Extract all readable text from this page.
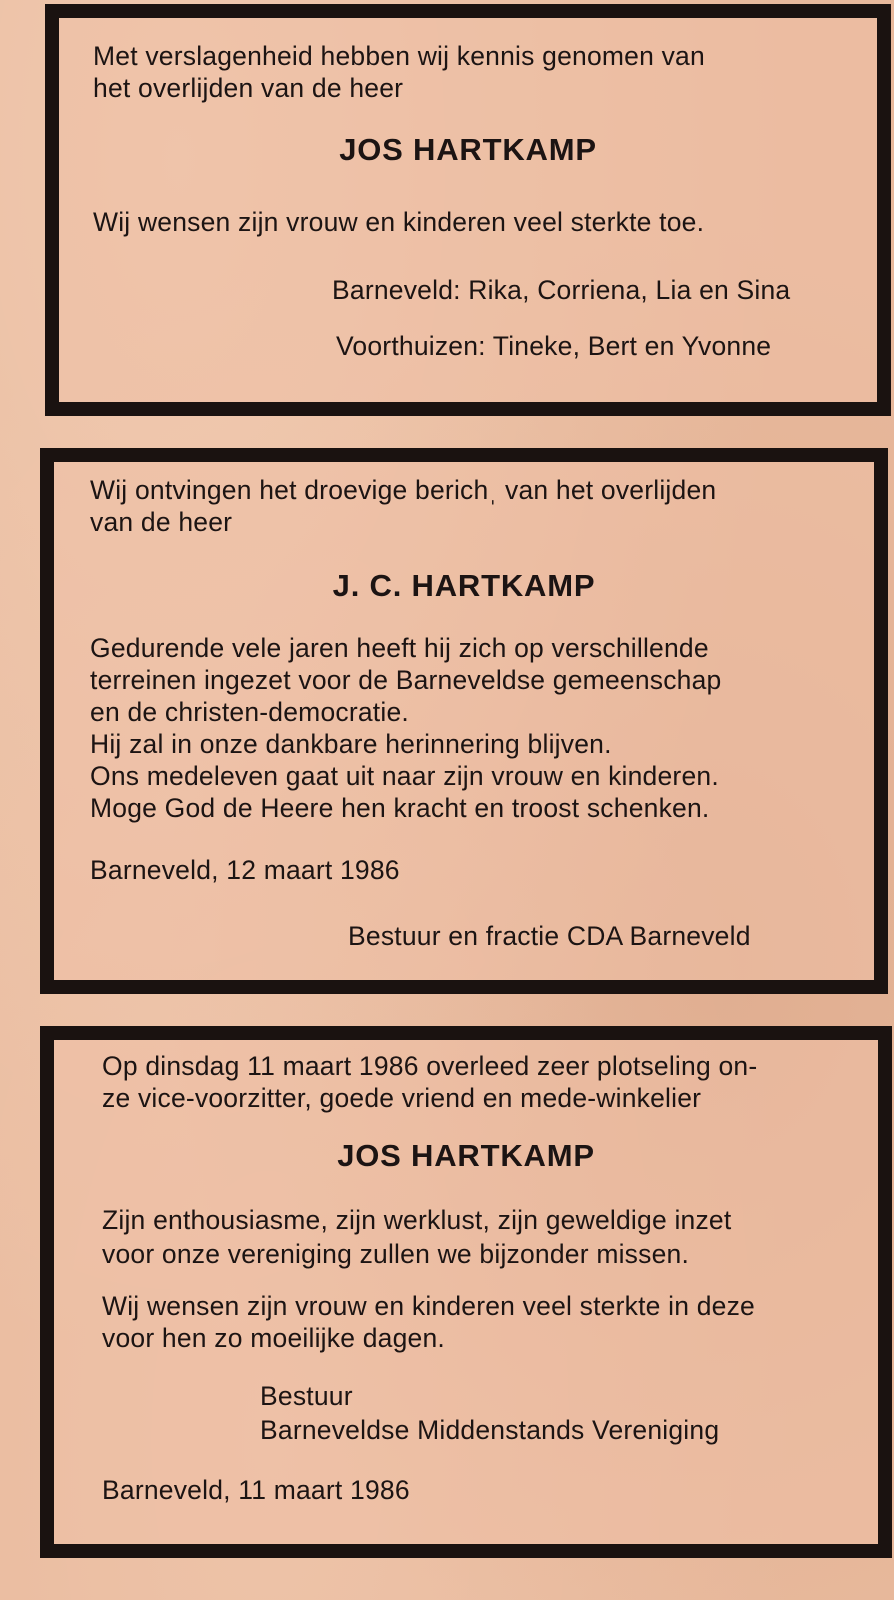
Met verslagenheid hebben wij kennis genomen van

het overlijden van de heer

JOS HARTKAMP

Wij wensen zijn vrouw en kinderen veel sterkte toe.

Barneveld: Rika, Corriena, Lia en Sina

Voorthuizen: Tineke, Bert en Yvonne

Wij ontvingen het droevige berichˌ van het overlijden

van de heer

J. C. HARTKAMP

Gedurende vele jaren heeft hij zich op verschillende

terreinen ingezet voor de Barneveldse gemeenschap

en de christen-democratie.

Hij zal in onze dankbare herinnering blijven.

Ons medeleven gaat uit naar zijn vrouw en kinderen.

Moge God de Heere hen kracht en troost schenken.

Barneveld, 12 maart 1986

Bestuur en fractie CDA Barneveld

Op dinsdag 11 maart 1986 overleed zeer plotseling on-

ze vice-voorzitter, goede vriend en mede-winkelier

JOS HARTKAMP

Zijn enthousiasme, zijn werklust, zijn geweldige inzet

voor onze vereniging zullen we bijzonder missen.

Wij wensen zijn vrouw en kinderen veel sterkte in deze

voor hen zo moeilijke dagen.

Bestuur

Barneveldse Middenstands Vereniging

Barneveld, 11 maart 1986
